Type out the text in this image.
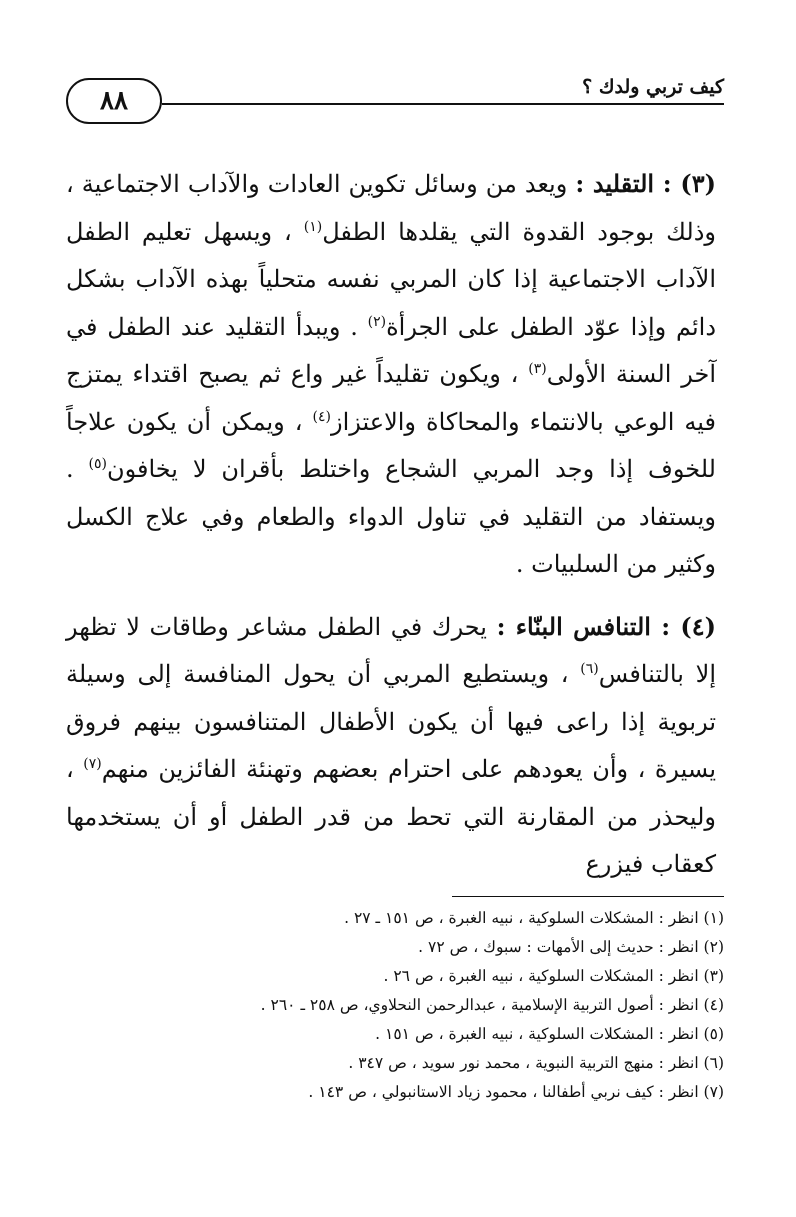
٨٨	كيف تربي ولدك ؟

(٣) : التقليد : ويعد من وسائل تكوين العادات والآداب الاجتماعية ، وذلك بوجود القدوة التي يقلدها الطفل$^{(١)}$ ، ويسهل تعليم الطفل الآداب الاجتماعية إذا كان المربي نفسه متحلياً بهذه الآداب بشكل دائم وإذا عوّد الطفل على الجرأة$^{(٢)}$ . ويبدأ التقليد عند الطفل في آخر السنة الأولى$^{(٣)}$ ، ويكون تقليداً غير واع ثم يصبح اقتداء يمتزج فيه الوعي بالانتماء والمحاكاة والاعتزاز$^{(٤)}$ ، ويمكن أن يكون علاجاً للخوف إذا وجد المربي الشجاع واختلط بأقران لا يخافون$^{(٥)}$ . ويستفاد من التقليد في تناول الدواء والطعام وفي علاج الكسل وكثير من السلبيات .

(٤) : التنافس البنّاء : يحرك في الطفل مشاعر وطاقات لا تظهر إلا بالتنافس$^{(٦)}$ ، ويستطيع المربي أن يحول المنافسة إلى وسيلة تربوية إذا راعى فيها أن يكون الأطفال المتنافسون بينهم فروق يسيرة ، وأن يعودهم على احترام بعضهم وتهنئة الفائزين منهم$^{(٧)}$ ، وليحذر من المقارنة التي تحط من قدر الطفل أو أن يستخدمها كعقاب فيزرع

(١) انظر : المشكلات السلوكية ، نبيه الغبرة ، ص ١٥١ ـ ٢٧ .
(٢) انظر : حديث إلى الأمهات : سبوك ، ص ٧٢ .
(٣) انظر : المشكلات السلوكية ، نبيه الغبرة ، ص ٢٦ .
(٤) انظر : أصول التربية الإسلامية ، عبدالرحمن النحلاوي، ص ٢٥٨ ـ ٢٦٠ .
(٥) انظر : المشكلات السلوكية ، نبيه الغبرة ، ص ١٥١ .
(٦) انظر : منهج التربية النبوية ، محمد نور سويد ، ص ٣٤٧ .
(٧) انظر : كيف نربي أطفالنا ، محمود زياد الاستانبولي ، ص ١٤٣ .
